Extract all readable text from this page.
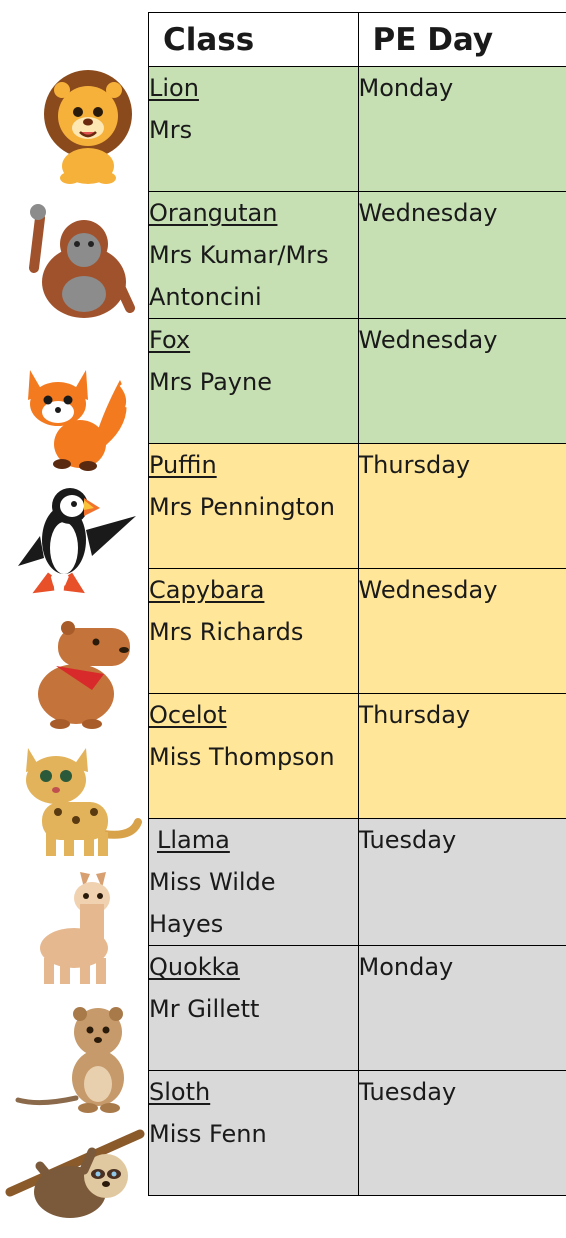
Class	PE Day

Lion
Mrs	Monday

Orangutan
Mrs Kumar/Mrs Antoncini	Wednesday

Fox
Mrs Payne	Wednesday

Puffin
Mrs Pennington	Thursday

Capybara
Mrs Richards	Wednesday

Ocelot
Miss Thompson	Thursday

Llama
Miss Wilde Hayes	Tuesday

Quokka
Mr Gillett	Monday

Sloth
Miss Fenn	Tuesday
